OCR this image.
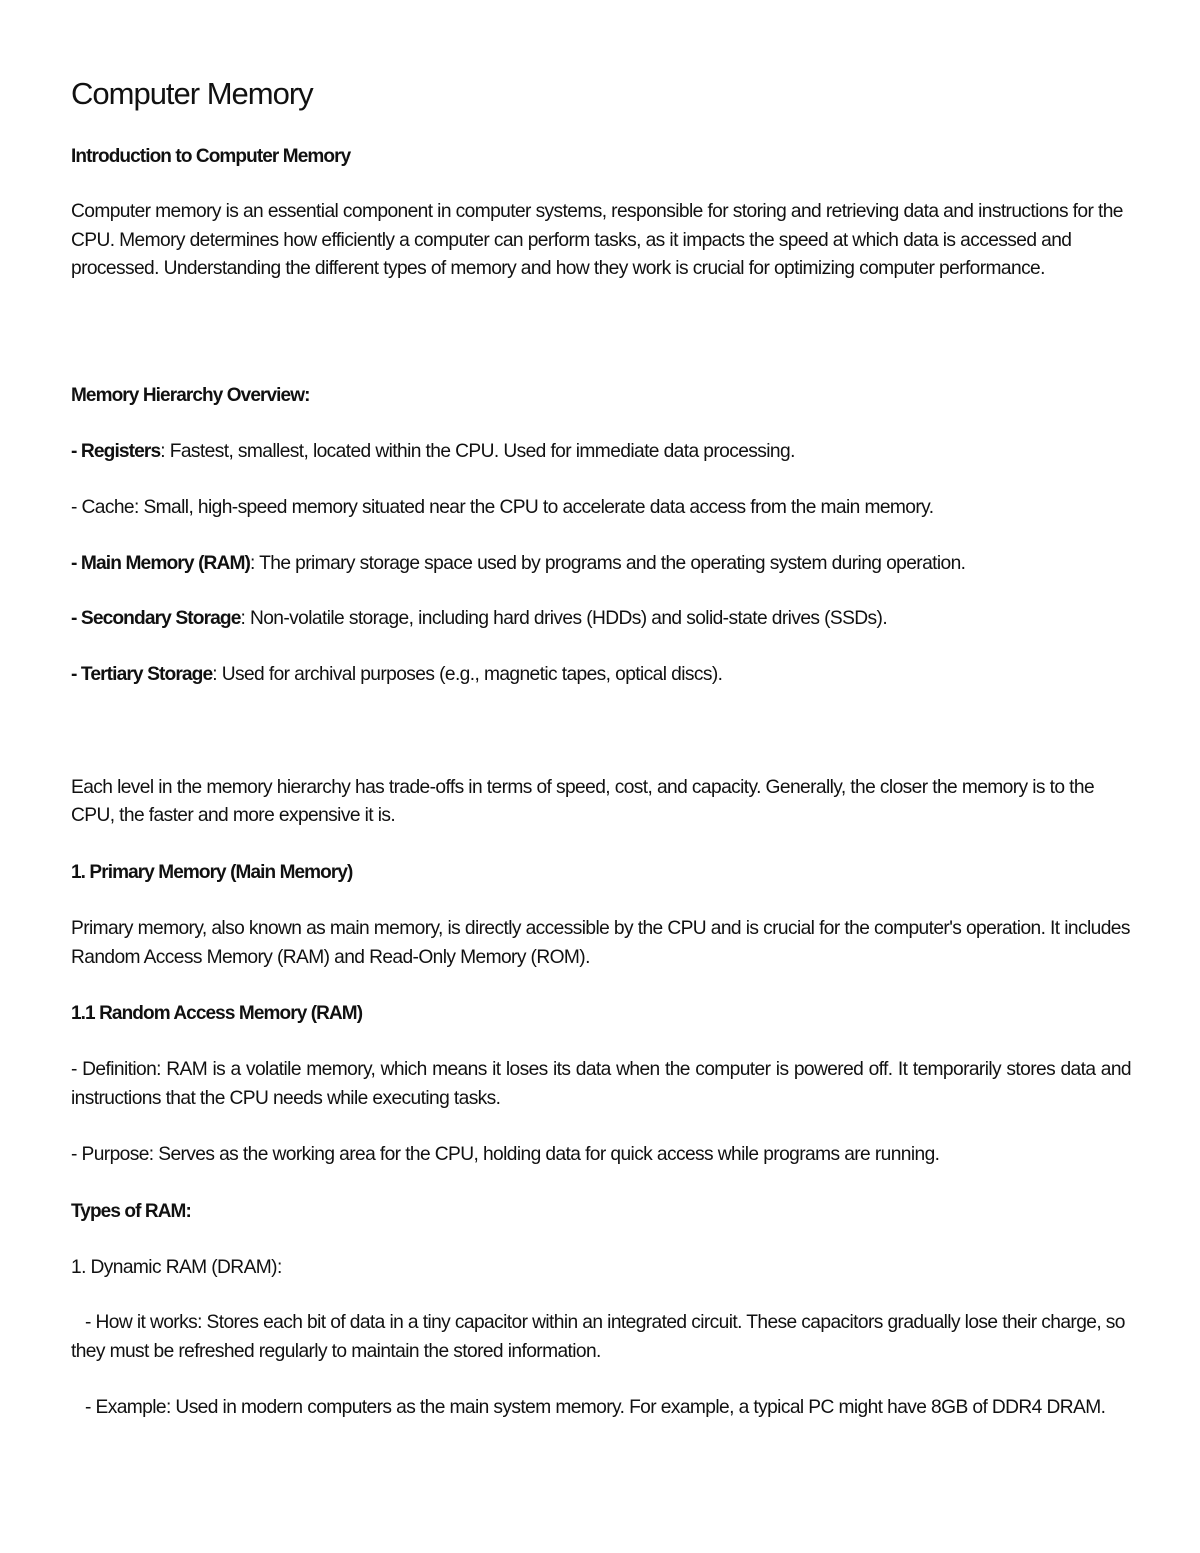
Computer Memory
Introduction to Computer Memory

Computer memory is an essential component in computer systems, responsible for storing and retrieving data and instructions for the CPU. Memory determines how efficiently a computer can perform tasks, as it impacts the speed at which data is accessed and processed. Understanding the different types of memory and how they work is crucial for optimizing computer performance.

Memory Hierarchy Overview:

- Registers: Fastest, smallest, located within the CPU. Used for immediate data processing.

- Cache: Small, high-speed memory situated near the CPU to accelerate data access from the main memory.

- Main Memory (RAM): The primary storage space used by programs and the operating system during operation.

- Secondary Storage: Non-volatile storage, including hard drives (HDDs) and solid-state drives (SSDs).

- Tertiary Storage: Used for archival purposes (e.g., magnetic tapes, optical discs).

Each level in the memory hierarchy has trade-offs in terms of speed, cost, and capacity. Generally, the closer the memory is to the CPU, the faster and more expensive it is.

1. Primary Memory (Main Memory)

Primary memory, also known as main memory, is directly accessible by the CPU and is crucial for the computer's operation. It includes Random Access Memory (RAM) and Read-Only Memory (ROM).

1.1 Random Access Memory (RAM)

- Definition: RAM is a volatile memory, which means it loses its data when the computer is powered off. It temporarily stores data and instructions that the CPU needs while executing tasks.

- Purpose: Serves as the working area for the CPU, holding data for quick access while programs are running.

Types of RAM:

1. Dynamic RAM (DRAM):

- How it works: Stores each bit of data in a tiny capacitor within an integrated circuit. These capacitors gradually lose their charge, so they must be refreshed regularly to maintain the stored information.

- Example: Used in modern computers as the main system memory. For example, a typical PC might have 8GB of DDR4 DRAM.
